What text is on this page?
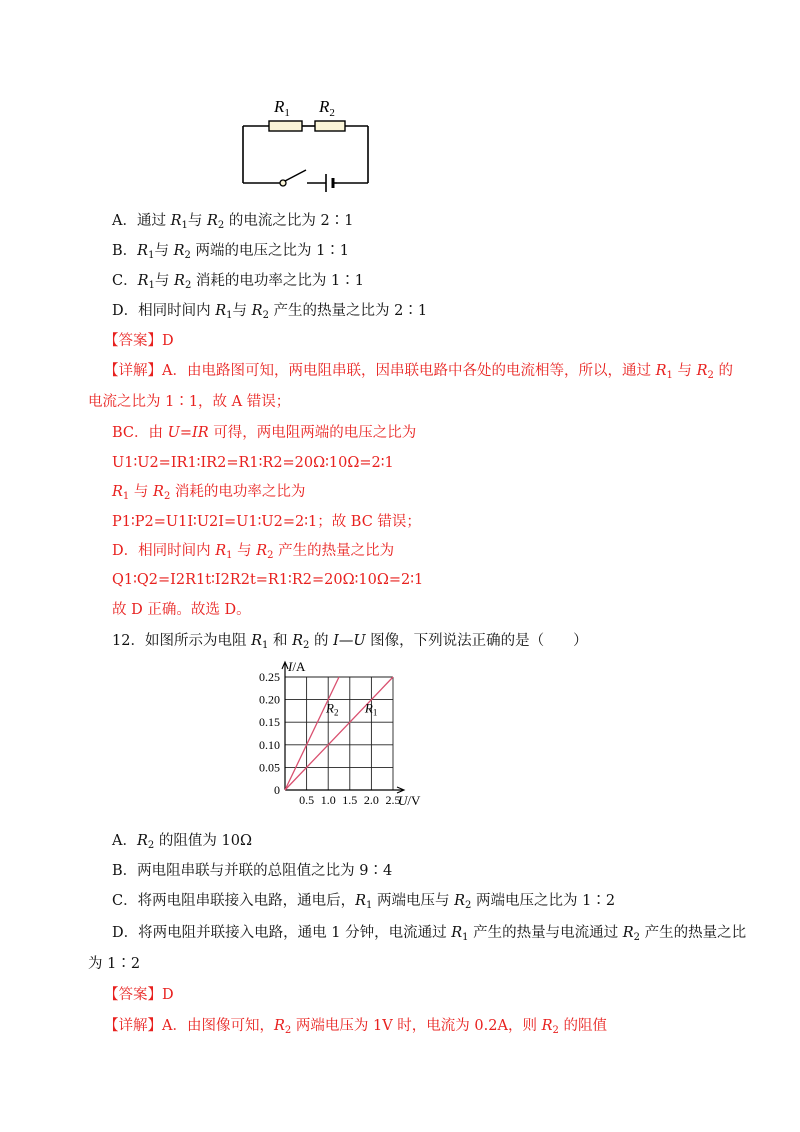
$R_1$ $R_2$
A．通过 $R_1$与 $R_2$ 的电流之比为 2∶1
B．$R_1$与 $R_2$ 两端的电压之比为 1∶1
C．$R_1$与 $R_2$ 消耗的电功率之比为 1∶1
D．相同时间内 $R_1$与 $R_2$ 产生的热量之比为 2∶1
【答案】D
【详解】A．由电路图可知，两电阻串联，因串联电路中各处的电流相等，所以，通过 $R_1$ 与 $R_2$ 的
电流之比为 1∶1，故 A 错误；
BC．由 U=IR 可得，两电阻两端的电压之比为
U1∶U2=IR1∶IR2=R1∶R2=20Ω∶10Ω=2∶1
$R_1$ 与 $R_2$ 消耗的电功率之比为
P1∶P2=U1I∶U2I=U1∶U2=2∶1；故 BC 错误；
D．相同时间内 $R_1$ 与 $R_2$ 产生的热量之比为
Q1∶Q2=I2R1t∶I2R2t=R1∶R2=20Ω∶10Ω=2∶1
故 D 正确。故选 D。
12．如图所示为电阻 $R_1$ 和 $R_2$ 的 I—U 图像，下列说法正确的是（　　）
0.5 1.0 1.5 2.0 2.5
0
0.05
0.10
0.15
0.20
0.25
I/A
U/V
$R_2$ $R_1$
A．$R_2$ 的阻值为 10Ω
B．两电阻串联与并联的总阻值之比为 9∶4
C．将两电阻串联接入电路，通电后，$R_1$ 两端电压与 $R_2$ 两端电压之比为 1∶2
D．将两电阻并联接入电路，通电 1 分钟，电流通过 $R_1$ 产生的热量与电流通过 $R_2$ 产生的热量之比
为 1∶2
【答案】D
【详解】A．由图像可知，$R_2$ 两端电压为 1V 时，电流为 0.2A，则 $R_2$ 的阻值
